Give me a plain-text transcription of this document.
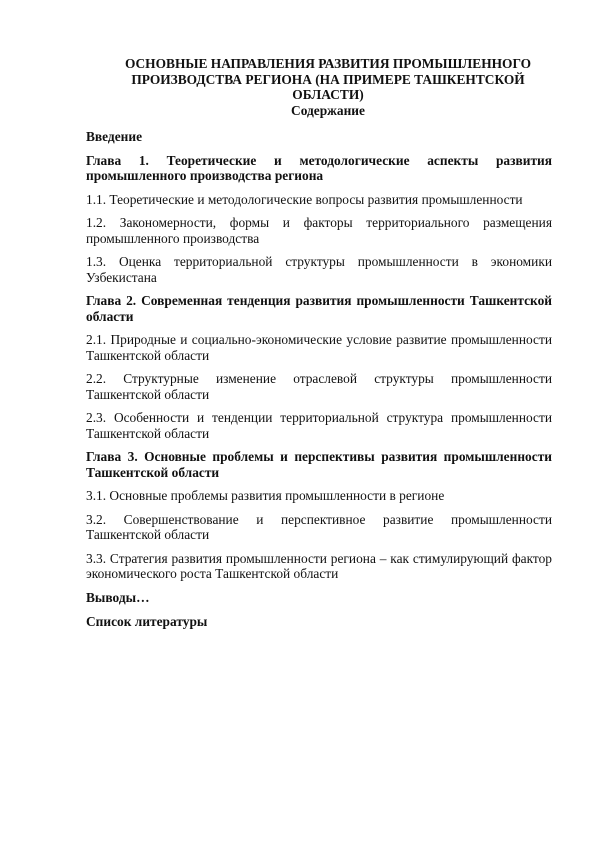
ОСНОВНЫЕ НАПРАВЛЕНИЯ РАЗВИТИЯ ПРОМЫШЛЕННОГО ПРОИЗВОДСТВА РЕГИОНА (НА ПРИМЕРЕ ТАШКЕНТСКОЙ ОБЛАСТИ)

Содержание

Введение

Глава 1. Теоретические и методологические аспекты развития промышленного производства региона

1.1. Теоретические и методологические вопросы развития промышленности

1.2. Закономерности, формы и факторы территориального размещения промышленного производства

1.3. Оценка территориальной структуры промышленности в экономики Узбекистана

Глава 2. Современная тенденция развития промышленности Ташкентской области

2.1. Природные и социально-экономические условие развитие промышленности Ташкентской области

2.2. Структурные изменение отраслевой структуры промышленности Ташкентской области

2.3. Особенности и тенденции территориальной структура промышленности Ташкентской области

Глава 3. Основные проблемы и перспективы развития промышленности Ташкентской области

3.1. Основные проблемы развития промышленности в регионе

3.2. Совершенствование и перспективное развитие промышленности Ташкентской области

3.3. Стратегия развития промышленности региона – как стимулирующий фактор экономического роста Ташкентской области

Выводы…

Список литературы
